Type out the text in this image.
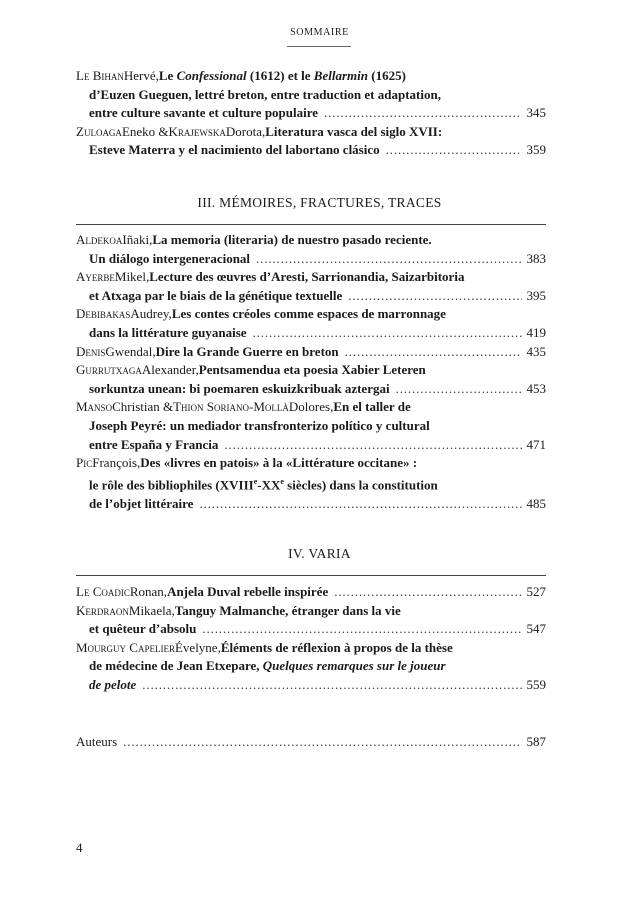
SOMMAIRE
Le Bihan Hervé, Le Confessional (1612) et le Bellarmin (1625)
d’Euzen Gueguen, lettré breton, entre traduction et adaptation,
entre culture savante et culture populaire . . .	345
Zuloaga Eneko & Krajewska Dorota, Literatura vasca del siglo XVII:
Esteve Materra y el nacimiento del labortano clásico . . .	359
III. MÉMOIRES, FRACTURES, TRACES
Aldekoa Iñaki, La memoria (literaria) de nuestro pasado reciente.
Un diálogo intergeneracional . . .	383
Ayerbe Mikel, Lecture des œuvres d’Aresti, Sarrionandia, Saizarbitoria
et Atxaga par le biais de la génétique textuelle . . .	395
Debibakas Audrey, Les contes créoles comme espaces de marronnage
dans la littérature guyanaise . . .	419
Denis Gwendal, Dire la Grande Guerre en breton . . .	435
Gurrutxaga Alexander, Pentsamendua eta poesia Xabier Leteren
sorkuntza unean: bi poemaren eskuizkribuak aztergai . . .	453
Manso Christian & Thion Soriano-Mollà Dolores, En el taller de
Joseph Peyré: un mediador transfronterizo político y cultural
entre España y Francia . . .	471
Pic François, Des «livres en patois» à la «Littérature occitane» :
le rôle des bibliophiles (XVIIIe-XXe siècles) dans la constitution
de l’objet littéraire . . .	485
IV. VARIA
Le Coadic Ronan, Anjela Duval rebelle inspirée . . .	527
Kerdraon Mikaela, Tanguy Malmanche, étranger dans la vie
et quêteur d’absolu . . .	547
Mourguy Capelier Évelyne, Éléments de réflexion à propos de la thèse
de médecine de Jean Etxepare, Quelques remarques sur le joueur
de pelote . . .	559
Auteurs . . .	587
4
